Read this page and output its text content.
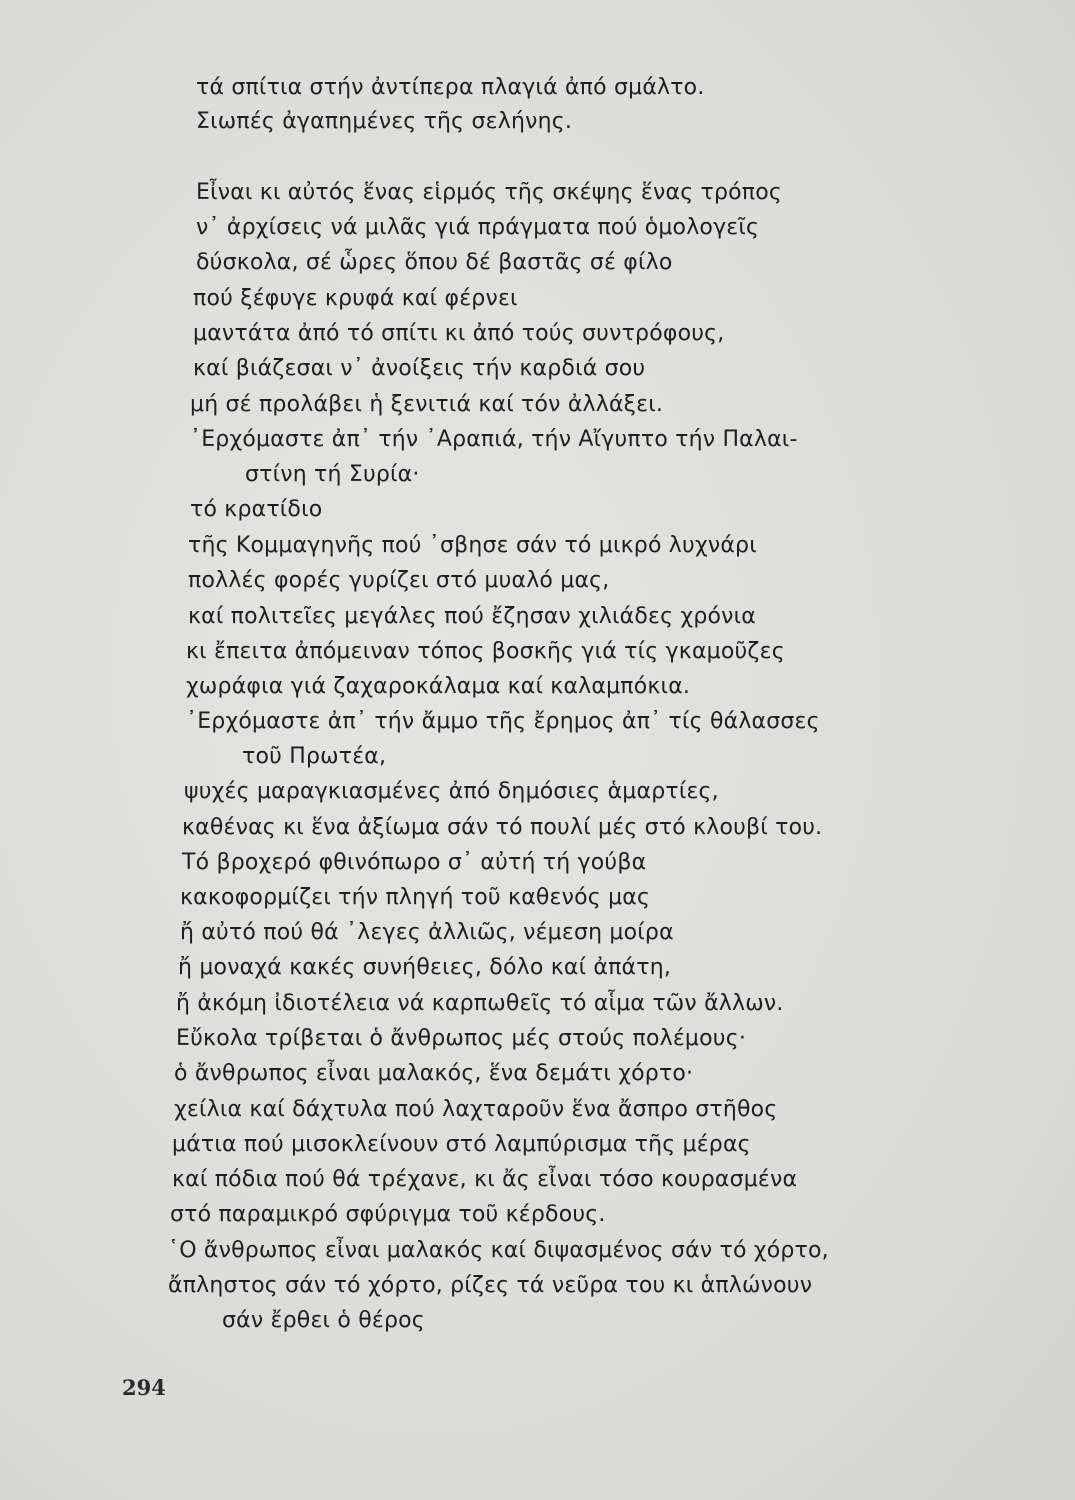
τά σπίτια στήν ἀντίπερα πλαγιά ἀπό σμάλτο.
Σιωπές ἀγαπημένες τῆς σελήνης.
Εἶναι κι αὐτός ἕνας εἱρμός τῆς σκέψης ἕνας τρόπος
ν᾽ ἀρχίσεις νά μιλᾶς γιά πράγματα πού ὁμολογεῖς
δύσκολα, σέ ὧρες ὅπου δέ βαστᾶς σέ φίλο
πού ξέφυγε κρυφά καί φέρνει
μαντάτα ἀπό τό σπίτι κι ἀπό τούς συντρόφους,
καί βιάζεσαι ν᾽ ἀνοίξεις τήν καρδιά σου
μή σέ προλάβει ἡ ξενιτιά καί τόν ἀλλάξει.
᾽Ερχόμαστε ἀπ᾽ τήν ᾽Αραπιά, τήν Αἴγυπτο τήν Παλαι-
στίνη τή Συρία·
τό κρατίδιο
τῆς Κομμαγηνῆς πού ᾽σβησε σάν τό μικρό λυχνάρι
πολλές φορές γυρίζει στό μυαλό μας,
καί πολιτεῖες μεγάλες πού ἔζησαν χιλιάδες χρόνια
κι ἔπειτα ἀπόμειναν τόπος βοσκῆς γιά τίς γκαμοῦζες
χωράφια γιά ζαχαροκάλαμα καί καλαμπόκια.
᾽Ερχόμαστε ἀπ᾽ τήν ἄμμο τῆς ἔρημος ἀπ᾽ τίς θάλασσες
τοῦ Πρωτέα,
ψυχές μαραγκιασμένες ἀπό δημόσιες ἁμαρτίες,
καθένας κι ἕνα ἀξίωμα σάν τό πουλί μές στό κλουβί του.
Τό βροχερό φθινόπωρο σ᾽ αὐτή τή γούβα
κακοφορμίζει τήν πληγή τοῦ καθενός μας
ἤ αὐτό πού θά ᾽λεγες ἀλλιῶς, νέμεση μοίρα
ἤ μοναχά κακές συνήθειες, δόλο καί ἀπάτη,
ἤ ἀκόμη ἰδιοτέλεια νά καρπωθεῖς τό αἷμα τῶν ἄλλων.
Εὔκολα τρίβεται ὁ ἄνθρωπος μές στούς πολέμους·
ὁ ἄνθρωπος εἶναι μαλακός, ἕνα δεμάτι χόρτο·
χείλια καί δάχτυλα πού λαχταροῦν ἕνα ἄσπρο στῆθος
μάτια πού μισοκλείνουν στό λαμπύρισμα τῆς μέρας
καί πόδια πού θά τρέχανε, κι ἄς εἶναι τόσο κουρασμένα
στό παραμικρό σφύριγμα τοῦ κέρδους.
῾Ο ἄνθρωπος εἶναι μαλακός καί διψασμένος σάν τό χόρτο,
ἄπληστος σάν τό χόρτο, ρίζες τά νεῦρα του κι ἁπλώνουν
σάν ἔρθει ὁ θέρος
294
